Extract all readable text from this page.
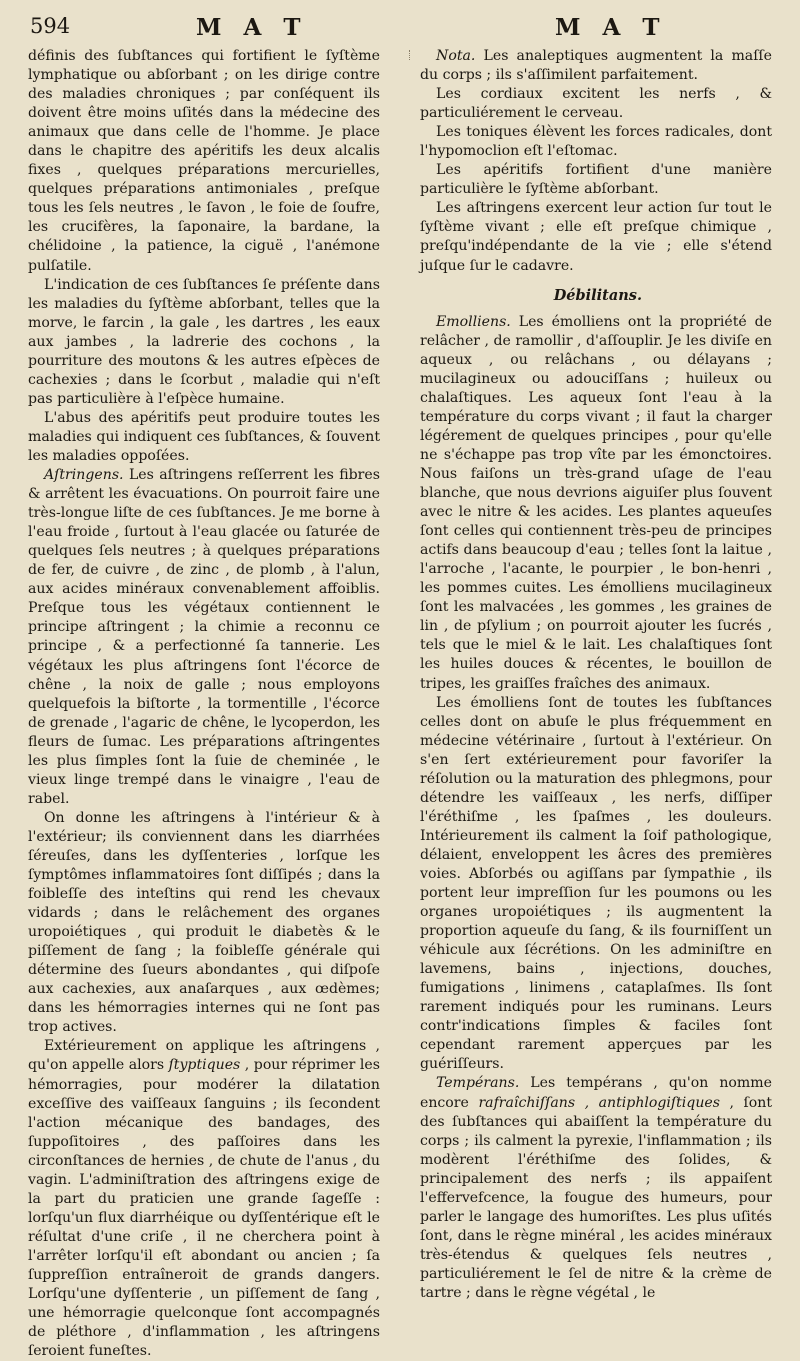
594	M A T	M A T

définis des ſubſtances qui fortifient le ſyſtème lymphatique ou abſorbant ; on les dirige contre des maladies chroniques ; par conſéquent ils doivent être moins uſités dans la médecine des animaux que dans celle de l'homme. Je place dans le chapitre des apéritifs les deux alcalis fixes , quelques préparations mercurielles, quelques préparations antimoniales , preſque tous les ſels neutres , le ſavon , le foie de ſoufre, les crucifères, la ſaponaire, la bardane, la chélidoine , la patience, la ciguë , l'anémone pulſatile.

L'indication de ces ſubſtances ſe préſente dans les maladies du ſyſtème abſorbant, telles que la morve, le farcin , la gale , les dartres , les eaux aux jambes , la ladrerie des cochons , la pourriture des moutons & les autres eſpèces de cachexies ; dans le ſcorbut , maladie qui n'eſt pas particulière à l'eſpèce humaine.

L'abus des apéritifs peut produire toutes les maladies qui indiquent ces ſubſtances, & ſouvent les maladies oppoſées.

Aſtringens. Les aſtringens reſſerrent les fibres & arrêtent les évacuations. On pourroit faire une très-longue liſte de ces ſubſtances. Je me borne à l'eau froide , ſurtout à l'eau glacée ou ſaturée de quelques ſels neutres ; à quelques préparations de fer, de cuivre , de zinc , de plomb , à l'alun, aux acides minéraux convenablement affoiblis. Preſque tous les végétaux contiennent le principe aſtringent ; la chimie a reconnu ce principe , & a perfectionné ſa tannerie. Les végétaux les plus aſtringens ſont l'écorce de chêne , la noix de galle ; nous employons quelquefois la biſtorte , la tormentille , l'écorce de grenade , l'agaric de chêne, le lycoperdon, les fleurs de ſumac. Les préparations aſtringentes les plus ſimples ſont la ſuie de cheminée , le vieux linge trempé dans le vinaigre , l'eau de rabel.

On donne les aſtringens à l'intérieur & à l'extérieur; ils conviennent dans les diarrhées ſéreuſes, dans les dyſſenteries , lorſque les ſymptômes inflammatoires ſont diſſipés ; dans la foibleſſe des inteſtins qui rend les chevaux vidards ; dans le relâchement des organes uropoiétiques , qui produit le diabetès & le piſſement de ſang ; la foibleſſe générale qui détermine des ſueurs abondantes , qui diſpoſe aux cachexies, aux anaſarques , aux œdèmes; dans les hémorragies internes qui ne ſont pas trop actives.

Extérieurement on applique les aſtringens , qu'on appelle alors ſtyptiques , pour réprimer les hémorragies, pour modérer la dilatation exceſſive des vaiſſeaux ſanguins ; ils ſecondent l'action mécanique des bandages, des ſuppoſitoires , des paſſoires dans les circonſtances de hernies , de chute de l'anus , du vagin. L'adminiſtration des aſtringens exige de la part du praticien une grande ſageſſe : lorſqu'un flux diarrhéique ou dyſſentérique eſt le réſultat d'une criſe , il ne cherchera point à l'arrêter lorſqu'il eſt abondant ou ancien ; ſa ſuppreſſion entraîneroit de grands dangers. Lorſqu'une dyſſenterie , un piſſement de ſang , une hémorragie quelconque ſont accompagnés de pléthore , d'inflammation , les aſtringens ſeroient funeſtes.

Nota. Les analeptiques augmentent la maſſe du corps ; ils s'aſſimilent parfaitement.

Les cordiaux excitent les nerfs , & particuliérement le cerveau.

Les toniques élèvent les forces radicales, dont l'hypomoclion eſt l'eſtomac.

Les apéritifs fortifient d'une manière particulière le ſyſtème abſorbant.

Les aſtringens exercent leur action ſur tout le ſyſtème vivant ; elle eſt preſque chimique , preſqu'indépendante de la vie ; elle s'étend juſque ſur le cadavre.

Débilitans.

Emolliens. Les émolliens ont la propriété de relâcher , de ramollir , d'aſſouplir. Je les diviſe en aqueux , ou relâchans , ou délayans ; mucilagineux ou adouciſſans ; huileux ou chalaſtiques. Les aqueux ſont l'eau à la température du corps vivant ; il faut la charger légérement de quelques principes , pour qu'elle ne s'échappe pas trop vîte par les émonctoires. Nous faiſons un très-grand uſage de l'eau blanche, que nous devrions aiguiſer plus ſouvent avec le nitre & les acides. Les plantes aqueuſes ſont celles qui contiennent très-peu de principes actifs dans beaucoup d'eau ; telles ſont la laitue , l'arroche , l'acante, le pourpier , le bon-henri , les pommes cuites. Les émolliens mucilagineux ſont les malvacées , les gommes , les graines de lin , de pſylium ; on pourroit ajouter les ſucrés , tels que le miel & le lait. Les chalaſtiques ſont les huiles douces & récentes, le bouillon de tripes, les graiſſes fraîches des animaux.

Les émolliens ſont de toutes les ſubſtances celles dont on abuſe le plus fréquemment en médecine vétérinaire , ſurtout à l'extérieur. On s'en ſert extérieurement pour favoriſer la réſolution ou la maturation des phlegmons, pour détendre les vaiſſeaux , les nerfs, diſſiper l'éréthiſme , les ſpaſmes , les douleurs. Intérieurement ils calment la ſoif pathologique, délaient, enveloppent les âcres des premières voies. Abſorbés ou agiſſans par ſympathie , ils portent leur impreſſion ſur les poumons ou les organes uropoiétiques ; ils augmentent la proportion aqueuſe du ſang, & ils fourniſſent un véhicule aux ſécrétions. On les adminiſtre en lavemens, bains , injections, douches, fumigations , linimens , cataplaſmes. Ils ſont rarement indiqués pour les ruminans. Leurs contr'indications ſimples & faciles ſont cependant rarement apperçues par les guériſſeurs.

Tempérans. Les tempérans , qu'on nomme encore rafraîchiſſans , antiphlogiſtiques , ſont des ſubſtances qui abaiſſent la température du corps ; ils calment la pyrexie, l'inflammation ; ils modèrent l'éréthiſme des ſolides, & principalement des nerfs ; ils appaiſent l'effervefcence, la fougue des humeurs, pour parler le langage des humoriſtes. Les plus uſités ſont, dans le règne minéral , les acides minéraux très-étendus & quelques ſels neutres , particuliérement le ſel de nitre & la crème de tartre ; dans le règne végétal , le
